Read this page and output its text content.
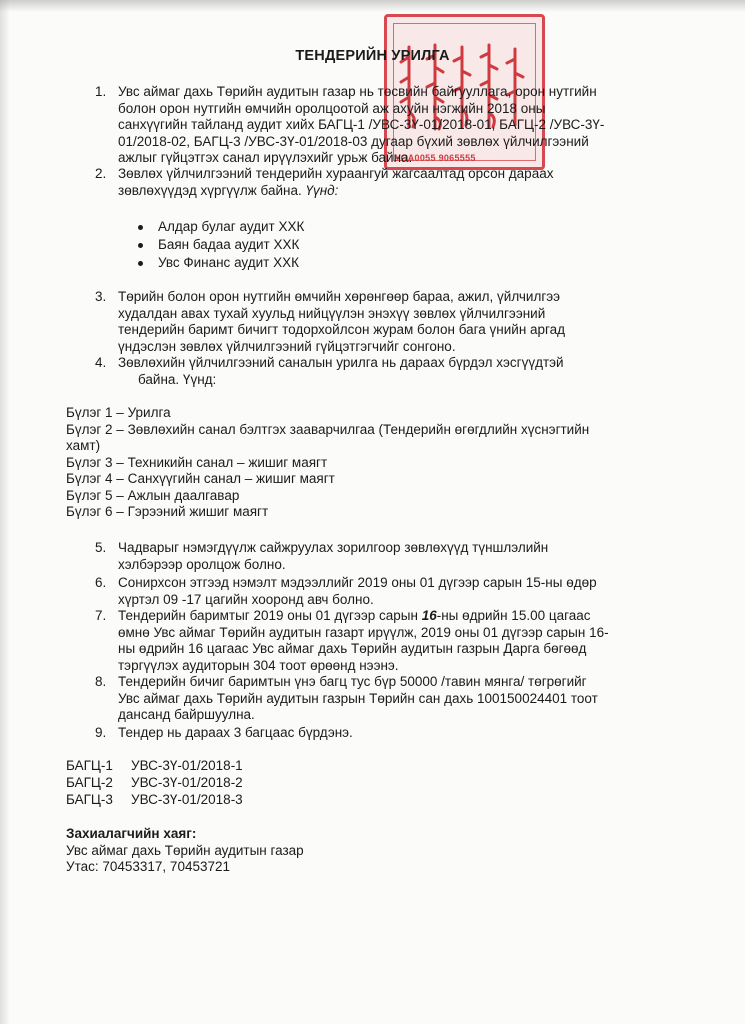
УОА0055 9065555
ТЕНДЕРИЙН УРИЛГА
1. Увс аймаг дахь Төрийн аудитын газар нь төсвийн байгууллага, орон нутгийн
болон орон нутгийн өмчийн оролцоотой аж ахуйн нэгжийн 2018 оны
санхүүгийн тайланд аудит хийх БАГЦ-1 /УВС-3Ү-01/2018-01, БАГЦ-2 /УВС-3Ү-
01/2018-02, БАГЦ-3 /УВС-3Ү-01/2018-03 дугаар бүхий зөвлөх үйлчилгээний
ажлыг гүйцэтгэх санал ирүүлэхийг урьж байна.
2. Зөвлөх үйлчилгээний тендерийн хураангуй жагсаалтад орсон дараах
зөвлөхүүдэд хүргүүлж байна. Үүнд:
Алдар булаг аудит ХХК
Баян бадаа аудит ХХК
Увс Финанс аудит ХХК
3. Төрийн болон орон нутгийн өмчийн хөрөнгөөр бараа, ажил, үйлчилгээ
худалдан авах тухай хуульд нийцүүлэн энэхүү зөвлөх үйлчилгээний
тендерийн баримт бичигт тодорхойлсон журам болон бага үнийн аргад
үндэслэн зөвлөх үйлчилгээний гүйцэтгэгчийг сонгоно.
4. Зөвлөхийн үйлчилгээний саналын урилга нь дараах бүрдэл хэсгүүдтэй
байна. Үүнд:
Бүлэг 1 – Урилга
Бүлэг 2 – Зөвлөхийн санал бэлтгэх зааварчилгаа (Тендерийн өгөгдлийн хүснэгтийн
хамт)
Бүлэг 3 – Техникийн санал – жишиг маягт
Бүлэг 4 – Санхүүгийн санал – жишиг маягт
Бүлэг 5 – Ажлын даалгавар
Бүлэг 6 – Гэрээний жишиг маягт
5. Чадварыг нэмэгдүүлж сайжруулах зорилгоор зөвлөхүүд түншлэлийн
хэлбэрээр оролцож болно.
6. Сонирхсон этгээд нэмэлт мэдээллийг 2019 оны 01 дүгээр сарын 15-ны өдөр
хүртэл 09 -17 цагийн хооронд авч болно.
7. Тендерийн баримтыг 2019 оны 01 дүгээр сарын 16-ны өдрийн 15.00 цагаас
өмнө Увс аймаг Төрийн аудитын газарт ирүүлж, 2019 оны 01 дүгээр сарын 16-
ны өдрийн 16 цагаас Увс аймаг дахь Төрийн аудитын газрын Дарга бөгөөд
тэргүүлэх аудиторын 304 тоот өрөөнд нээнэ.
8. Тендерийн бичиг баримтын үнэ багц тус бүр 50000 /тавин мянга/ төгрөгийг
Увс аймаг дахь Төрийн аудитын газрын Төрийн сан дахь 100150024401 тоот
дансанд байршуулна.
9. Тендер нь дараах 3 багцаас бүрдэнэ.
БАГЦ-1 УВС-3Ү-01/2018-1
БАГЦ-2 УВС-3Ү-01/2018-2
БАГЦ-3 УВС-3Ү-01/2018-3
Захиалагчийн хаяг:
Увс аймаг дахь Төрийн аудитын газар
Утас: 70453317, 70453721
